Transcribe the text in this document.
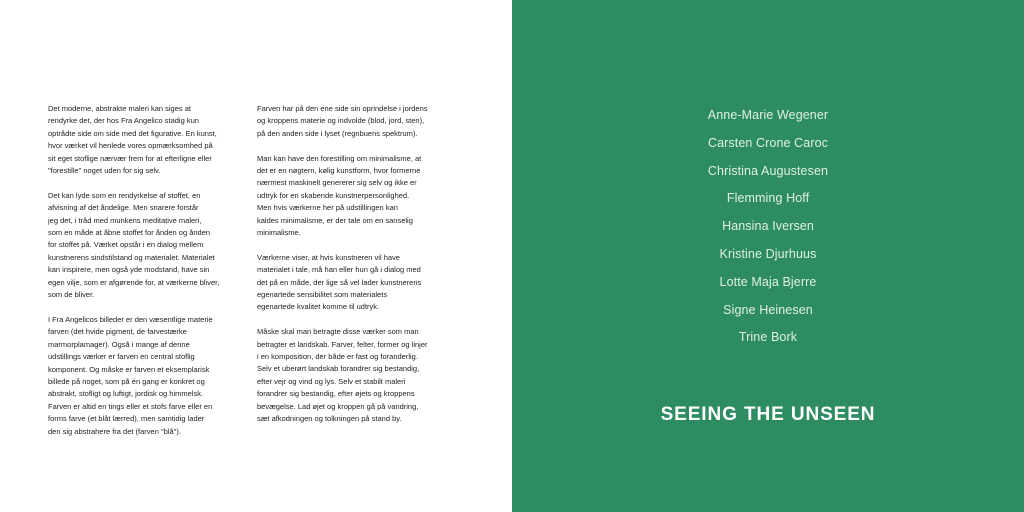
Det moderne, abstrakte maleri kan siges at
rendyrke det, der hos Fra Angelico stadig kun
optrådte side om side med det figurative. En kunst,
hvor værket vil henlede vores opmærksomhed på
sit eget stoflige nærvær frem for at efterligne eller
"forestille" noget uden for sig selv.

Det kan lyde som en rendyrkelse af stoffet, en
afvisning af det åndelige. Men snarere forstår
jeg det, i tråd med munkens meditative maleri,
som en måde at åbne stoffet for ånden og ånden
for stoffet på. Værket opstår i en dialog mellem
kunstnerens sindstilstand og materialet. Materialet
kan inspirere, men også yde modstand, have sin
egen vilje, som er afgørende for, at værkerne bliver,
som de bliver.

I Fra Angelicos billeder er den væsentlige materie
farven (det hvide pigment, de farvestærke
marmorplamager). Også i mange af denne
udstillings værker er farven en central stoflig
komponent. Og måske er farven et eksemplarisk
billede på noget, som på én gang er konkret og
abstrakt, stofligt og luftigt, jordisk og himmelsk.
Farven er altid en tings eller et stofs farve eller en
forms farve (et blåt lærred), men samtidig lader
den sig abstrahere fra det (farven "blå").

Farven har på den ene side sin oprindelse i jordens
og kroppens materie og indvolde (blod, jord, sten),
på den anden side i lyset (regnbuens spektrum).

Man kan have den forestilling om minimalisme, at
det er en nøgtern, kølig kunstform, hvor formerne
nærmest maskinelt genererer sig selv og ikke er
udtryk for en skabende kunstnerpersonlighed.
Men hvis værkerne her på udstillingen kan
kaldes minimalisme, er der tale om en sanselig
minimalisme.

Værkerne viser, at hvis kunstneren vil have
materialet i tale, må han eller hun gå i dialog med
det på en måde, der lige så vel lader kunstnerens
egenartede sensibilitet som materialets
egenartede kvalitet komme til udtryk.

Måske skal man betragte disse værker som man
betragter et landskab. Farver, felter, former og linjer
i en komposition, der både er fast og foranderlig.
Selv et uberørt landskab forandrer sig bestandig,
efter vejr og vind og lys. Selv et stabilt maleri
forandrer sig bestandig, efter øjets og kroppens
bevægelse. Lad øjet og kroppen gå på vandring,
sæt afkodningen og tolkningen på stand by.

Anne-Marie Wegener
Carsten Crone Caroc
Christina Augustesen
Flemming Hoff
Hansina Iversen
Kristine Djurhuus
Lotte Maja Bjerre
Signe Heinesen
Trine Bork
SEEING THE UNSEEN
